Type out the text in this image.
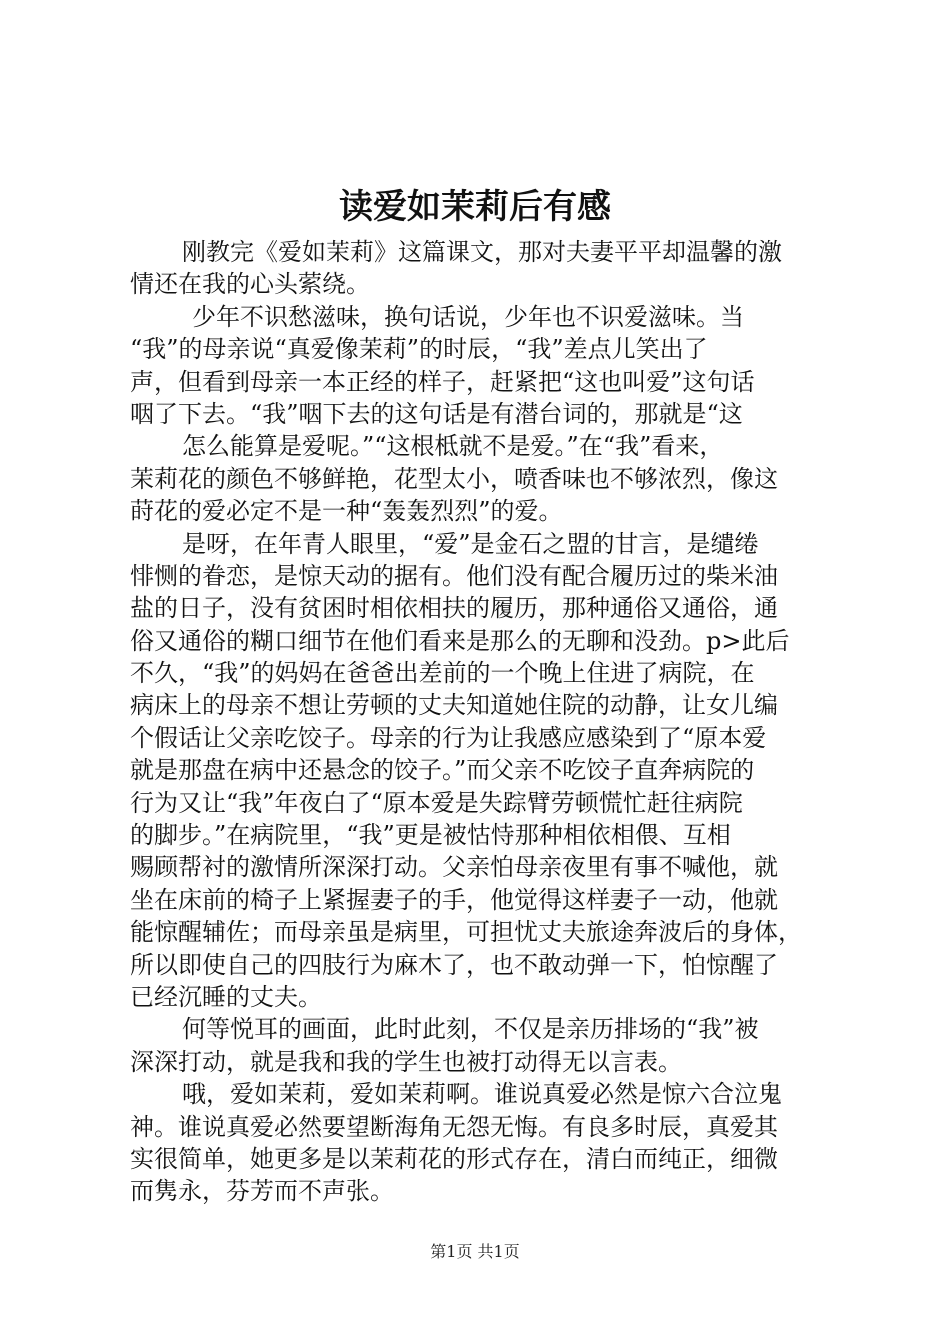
读爱如茉莉后有感
刚教完《爱如茉莉》这篇课文，那对夫妻平平却温馨的激
情还在我的心头萦绕。
少年不识愁滋味，换句话说，少年也不识爱滋味。当
“我”的母亲说“真爱像茉莉”的时辰，“我”差点儿笑出了
声，但看到母亲一本正经的样子，赶紧把“这也叫爱”这句话
咽了下去。“我”咽下去的这句话是有潜台词的，那就是“这
怎么能算是爱呢。”“这根柢就不是爱。”在“我”看来，
茉莉花的颜色不够鲜艳，花型太小，喷香味也不够浓烈，像这
莳花的爱必定不是一种“轰轰烈烈”的爱。
是呀，在年青人眼里，“爱”是金石之盟的甘言，是缱绻
悱恻的眷恋，是惊天动的据有。他们没有配合履历过的柴米油
盐的日子，没有贫困时相依相扶的履历，那种通俗又通俗，通
俗又通俗的糊口细节在他们看来是那么的无聊和没劲。p>此后
不久，“我”的妈妈在爸爸出差前的一个晚上住进了病院，在
病床上的母亲不想让劳顿的丈夫知道她住院的动静，让女儿编
个假话让父亲吃饺子。母亲的行为让我感应感染到了“原本爱
就是那盘在病中还悬念的饺子。”而父亲不吃饺子直奔病院的
行为又让“我”年夜白了“原本爱是失踪臂劳顿慌忙赶往病院
的脚步。”在病院里，“我”更是被怙恃那种相依相偎、互相
赐顾帮衬的激情所深深打动。父亲怕母亲夜里有事不喊他，就
坐在床前的椅子上紧握妻子的手，他觉得这样妻子一动，他就
能惊醒辅佐；而母亲虽是病里，可担忧丈夫旅途奔波后的身体，
所以即使自己的四肢行为麻木了，也不敢动弹一下，怕惊醒了
已经沉睡的丈夫。
何等悦耳的画面，此时此刻，不仅是亲历排场的“我”被
深深打动，就是我和我的学生也被打动得无以言表。
哦，爱如茉莉，爱如茉莉啊。谁说真爱必然是惊六合泣鬼
神。谁说真爱必然要望断海角无怨无悔。有良多时辰，真爱其
实很简单，她更多是以茉莉花的形式存在，清白而纯正，细微
而隽永，芬芳而不声张。
第1页 共1页
